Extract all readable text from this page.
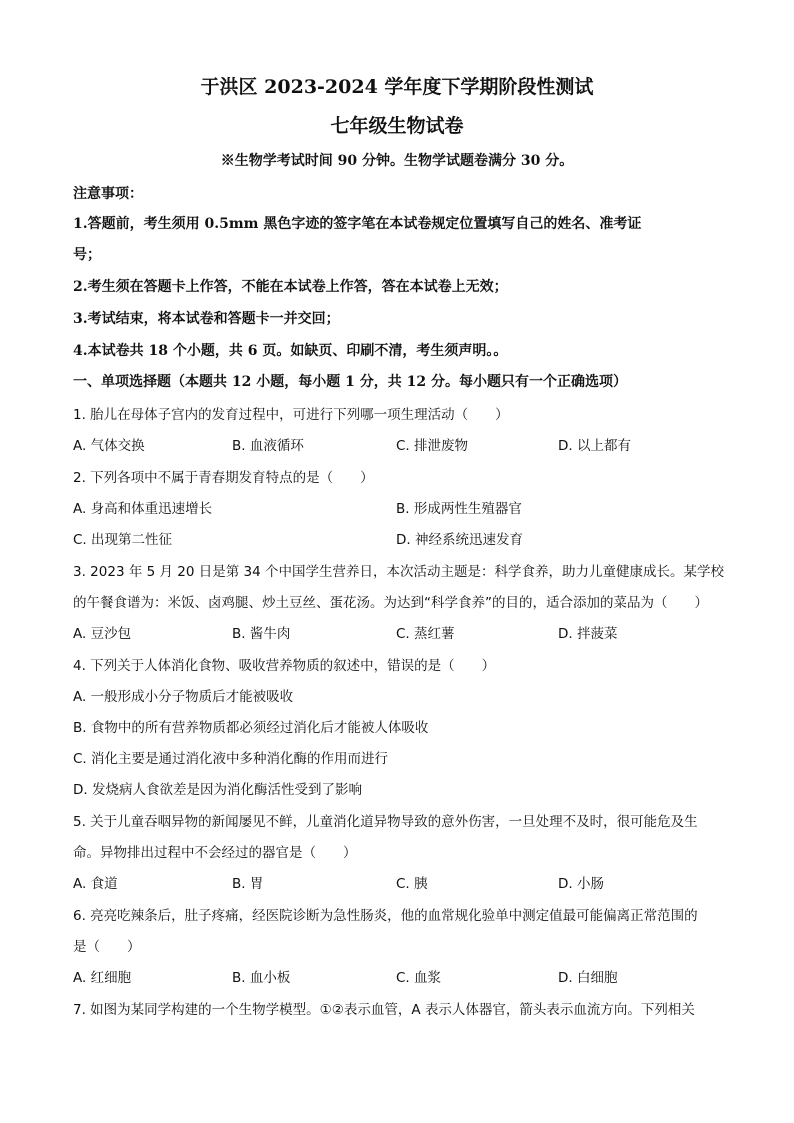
于洪区 2023-2024 学年度下学期阶段性测试
七年级生物试卷
※生物学考试时间 90 分钟。生物学试题卷满分 30 分。
注意事项：
1.答题前，考生须用 0.5mm 黑色字迹的签字笔在本试卷规定位置填写自己的姓名、准考证
号；
2.考生须在答题卡上作答，不能在本试卷上作答，答在本试卷上无效；
3.考试结束，将本试卷和答题卡一并交回；
4.本试卷共 18 个小题，共 6 页。如缺页、印刷不清，考生须声明。。
一、单项选择题（本题共 12 小题，每小题 1 分，共 12 分。每小题只有一个正确选项）
1. 胎儿在母体子宫内的发育过程中，可进行下列哪一项生理活动（　　）
A. 气体交换	B. 血液循环	C. 排泄废物	D. 以上都有
2. 下列各项中不属于青春期发育特点的是（　　）
A. 身高和体重迅速增长	B. 形成两性生殖器官
C. 出现第二性征	D. 神经系统迅速发育
3. 2023 年 5 月 20 日是第 34 个中国学生营养日，本次活动主题是：科学食养，助力儿童健康成长。某学校
的午餐食谱为：米饭、卤鸡腿、炒土豆丝、蛋花汤。为达到“科学食养”的目的，适合添加的菜品为（　　）
A. 豆沙包	B. 酱牛肉	C. 蒸红薯	D. 拌菠菜
4. 下列关于人体消化食物、吸收营养物质的叙述中，错误的是（　　）
A. 一般形成小分子物质后才能被吸收
B. 食物中的所有营养物质都必须经过消化后才能被人体吸收
C. 消化主要是通过消化液中多种消化酶的作用而进行
D. 发烧病人食欲差是因为消化酶活性受到了影响
5. 关于儿童吞咽异物的新闻屡见不鲜，儿童消化道异物导致的意外伤害，一旦处理不及时，很可能危及生
命。异物排出过程中不会经过的器官是（　　）
A. 食道	B. 胃	C. 胰	D. 小肠
6. 亮亮吃辣条后，肚子疼痛，经医院诊断为急性肠炎，他的血常规化验单中测定值最可能偏离正常范围的
是（　　）
A. 红细胞	B. 血小板	C. 血浆	D. 白细胞
7. 如图为某同学构建的一个生物学模型。①②表示血管，A 表示人体器官，箭头表示血流方向。下列相关
